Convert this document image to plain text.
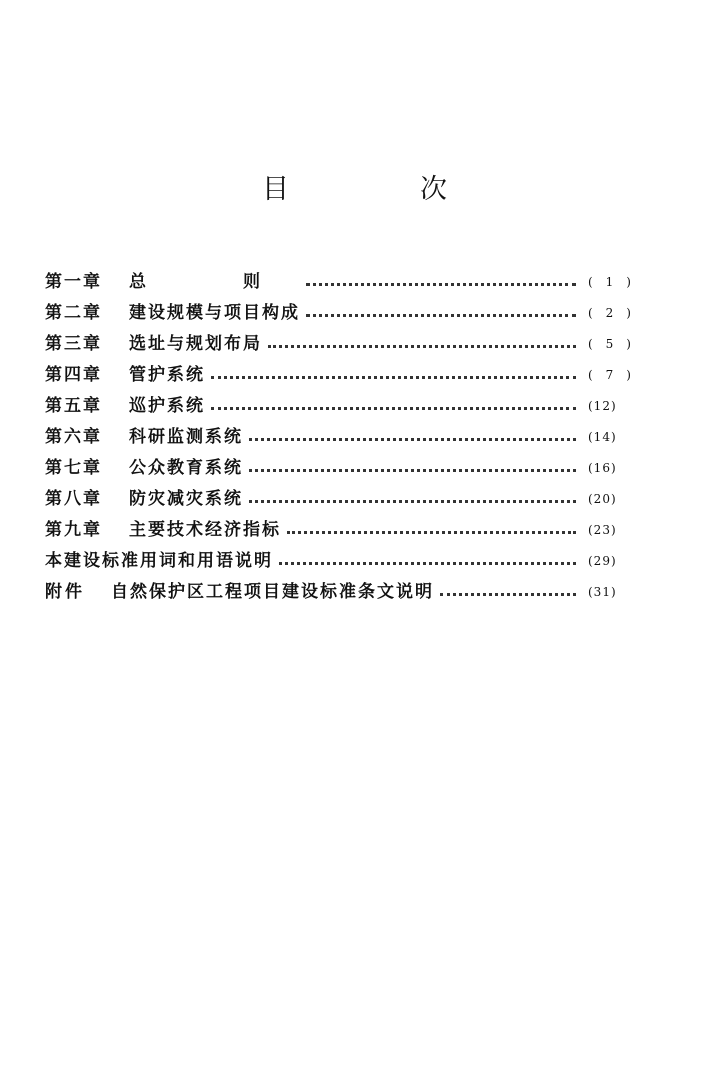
目　次
第一章	总　则	( 1 )
第二章	建设规模与项目构成	( 2 )
第三章	选址与规划布局	( 5 )
第四章	管护系统	( 7 )
第五章	巡护系统	(12)
第六章	科研监测系统	(14)
第七章	公众教育系统	(16)
第八章	防灾减灾系统	(20)
第九章	主要技术经济指标	(23)
本建设标准用词和用语说明	(29)
附件	自然保护区工程项目建设标准条文说明	(31)
